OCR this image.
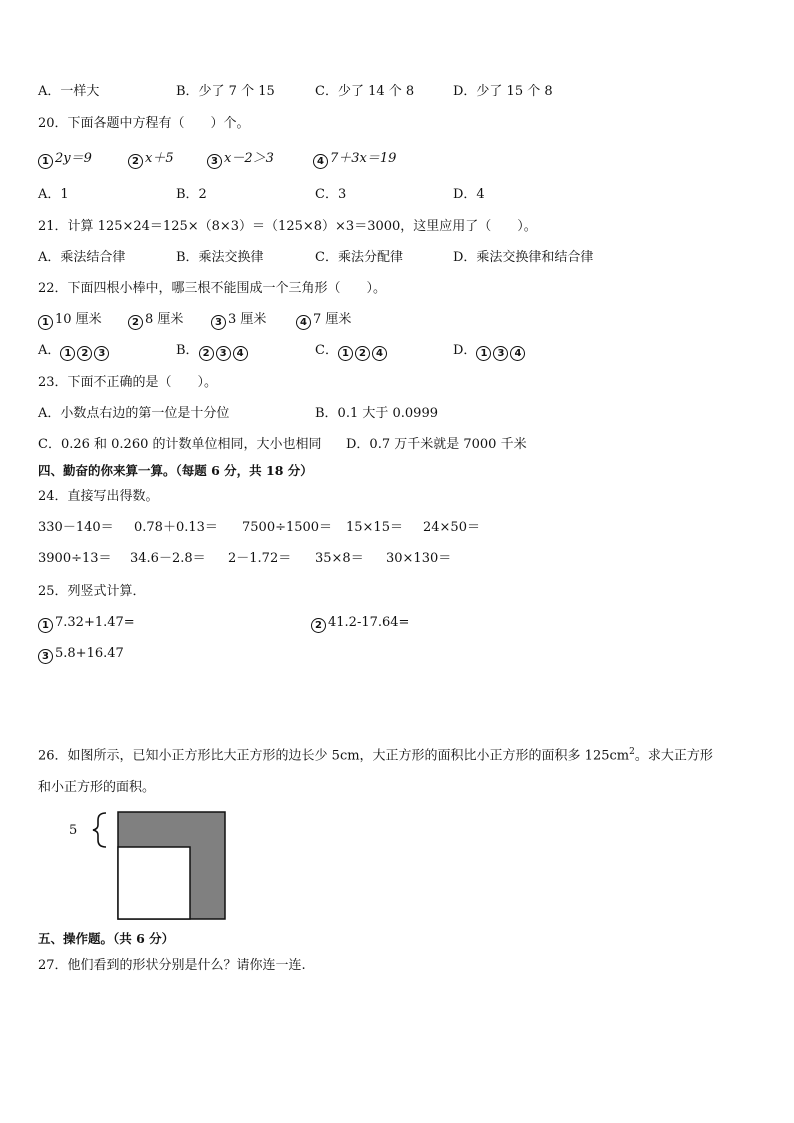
A．一样大	B．少了 7 个 15	C．少了 14 个 8	D．少了 15 个 8
20．下面各题中方程有（　　）个。
1 2y＝9	2 x＋5	3 x－2＞3	4 7＋3x＝19
A．1	B．2	C．3	D．4
21．计算 125×24＝125×（8×3）＝（125×8）×3＝3000，这里应用了（　　）。
A．乘法结合律	B．乘法交换律	C．乘法分配律	D．乘法交换律和结合律
22．下面四根小棒中，哪三根不能围成一个三角形（　　）。
1 10 厘米	2 8 厘米	3 3 厘米	4 7 厘米
A． 1 2 3	B． 2 3 4	C． 1 2 4	D． 1 3 4
23．下面不正确的是（　　）。
A．小数点右边的第一位是十分位	B．0.1 大于 0.0999
C．0.26 和 0.260 的计数单位相同，大小也相同 D．0.7 万千米就是 7000 千米
四、勤奋的你来算一算。（每题 6 分，共 18 分）
24．直接写出得数。
330－140＝ 0.78＋0.13＝ 7500÷1500＝ 15×15＝ 24×50＝
3900÷13＝ 34.6－2.8＝ 2－1.72＝ 35×8＝ 30×130＝
25．列竖式计算．
1 7.32+1.47=	2 41.2-17.64=
3 5.8+16.47
26．如图所示，已知小正方形比大正方形的边长少 5cm，大正方形的面积比小正方形的面积多 $125cm^2$。求大正方形
和小正方形的面积。
5
五、操作题。（共 6 分）
27．他们看到的形状分别是什么？请你连一连.
